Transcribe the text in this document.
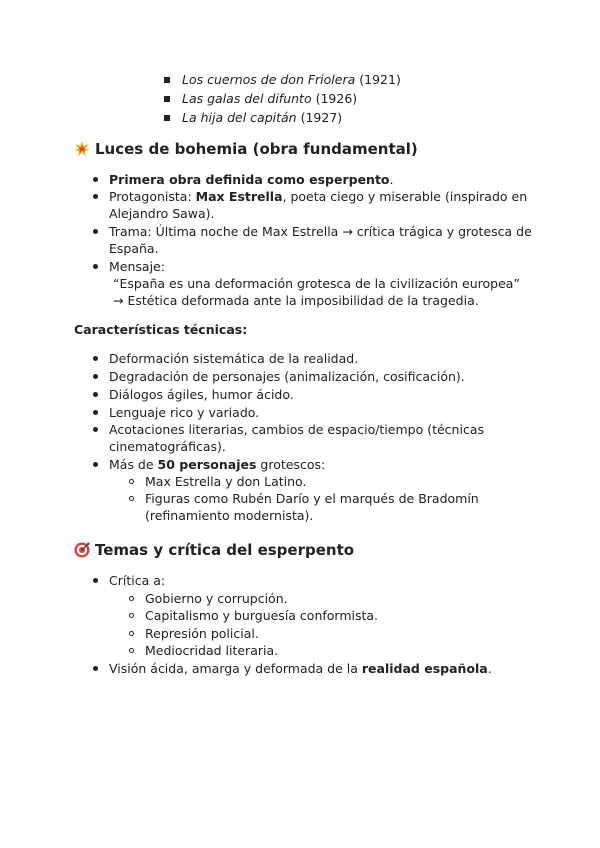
Los cuernos de don Friolera (1921)
Las galas del difunto (1926)
La hija del capitán (1927)
Luces de bohemia (obra fundamental)
Primera obra definida como esperpento.
Protagonista: Max Estrella, poeta ciego y miserable (inspirado en
Alejandro Sawa).
Trama: Última noche de Max Estrella → crítica trágica y grotesca de
España.
Mensaje:
“España es una deformación grotesca de la civilización europea”
→ Estética deformada ante la imposibilidad de la tragedia.
Características técnicas:
Deformación sistemática de la realidad.
Degradación de personajes (animalización, cosificación).
Diálogos ágiles, humor ácido.
Lenguaje rico y variado.
Acotaciones literarias, cambios de espacio/tiempo (técnicas
cinematográficas).
Más de 50 personajes grotescos:
Max Estrella y don Latino.
Figuras como Rubén Darío y el marqués de Bradomín
(refinamiento modernista).
Temas y crítica del esperpento
Crítica a:
Gobierno y corrupción.
Capitalismo y burguesía conformista.
Represión policial.
Mediocridad literaria.
Visión ácida, amarga y deformada de la realidad española.
